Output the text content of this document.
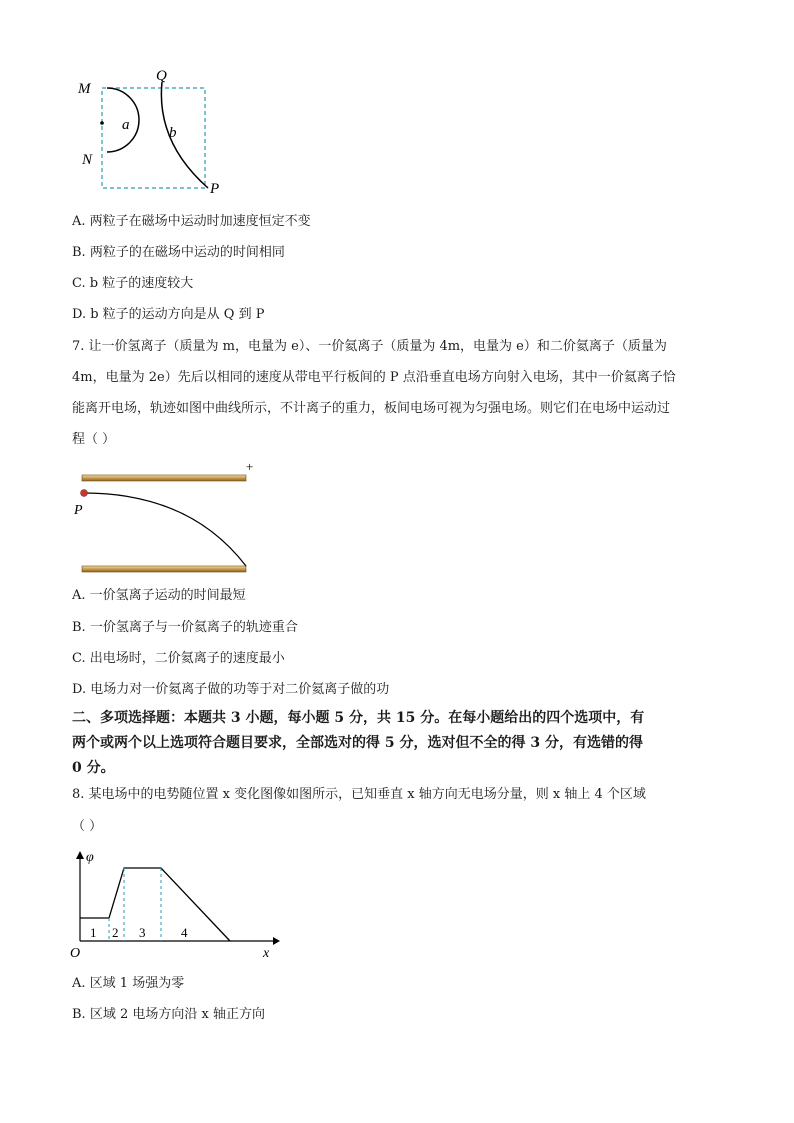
M
N
Q
P
a	b
A. 两粒子在磁场中运动时加速度恒定不变
B. 两粒子的在磁场中运动的时间相同
C. b 粒子的速度较大
D. b 粒子的运动方向是从 Q 到 P
7. 让一价氢离子（质量为 m，电量为 e）、一价氦离子（质量为 4m，电量为 e）和二价氦离子（质量为
4m，电量为 2e）先后以相同的速度从带电平行板间的 P 点沿垂直电场方向射入电场，其中一价氦离子恰
能离开电场，轨迹如图中曲线所示，不计离子的重力，板间电场可视为匀强电场。则它们在电场中运动过
程（ ）
+
P
A. 一价氢离子运动的时间最短
B. 一价氢离子与一价氦离子的轨迹重合
C. 出电场时，二价氦离子的速度最小
D. 电场力对一价氦离子做的功等于对二价氦离子做的功
二、多项选择题：本题共 3 小题，每小题 5 分，共 15 分。在每小题给出的四个选项中，有
两个或两个以上选项符合题目要求，全部选对的得 5 分，选对但不全的得 3 分，有选错的得
0 分。
8. 某电场中的电势随位置 x 变化图像如图所示，已知垂直 x 轴方向无电场分量，则 x 轴上 4 个区域
（ ）
φ
x
O
1 2 3	4
A. 区域 1 场强为零
B. 区域 2 电场方向沿 x 轴正方向
